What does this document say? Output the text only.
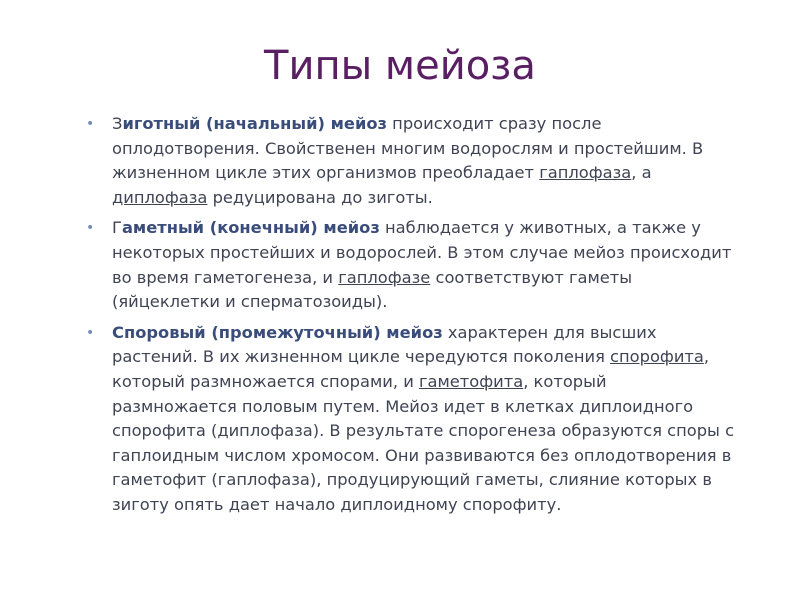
Типы мейоза
• Зиготный (начальный) мейоз происходит сразу после оплодотворения. Свойственен многим водорослям и простейшим. В жизненном цикле этих организмов преобладает гаплофаза, а диплофаза редуцирована до зиготы.
• Гаметный (конечный) мейоз наблюдается у животных, а также у некоторых простейших и водорослей. В этом случае мейоз происходит во время гаметогенеза, и гаплофазе соответствуют гаметы (яйцеклетки и сперматозоиды).
• Споровый (промежуточный) мейоз характерен для высших растений. В их жизненном цикле чередуются поколения спорофита, который размножается спорами, и гаметофита, который размножается половым путем. Мейоз идет в клетках диплоидного спорофита (диплофаза). В результате спорогенеза образуются споры с гаплоидным числом хромосом. Они развиваются без оплодотворения в гаметофит (гаплофаза), продуцирующий гаметы, слияние которых в зиготу опять дает начало диплоидному спорофиту.
